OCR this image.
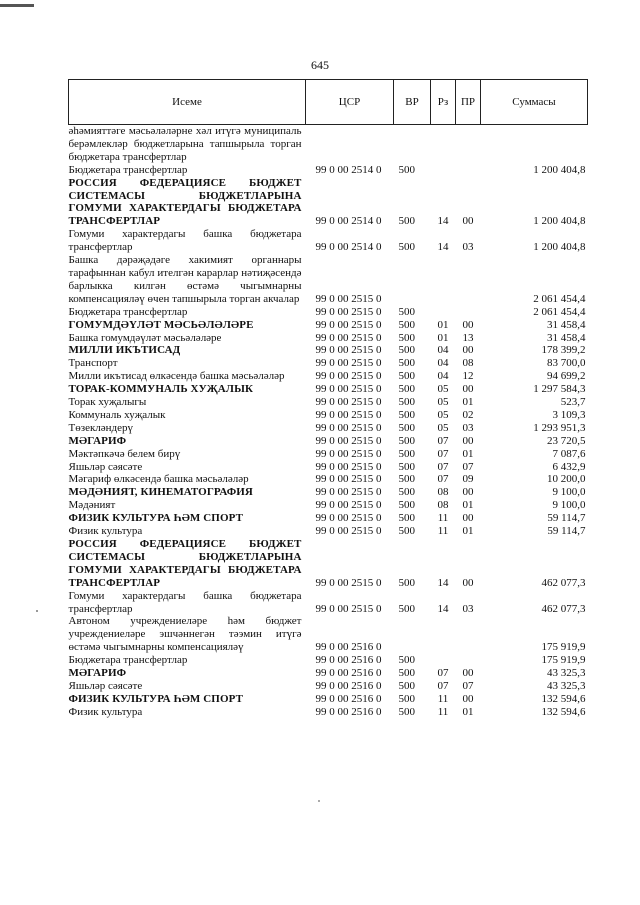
645
Исеме	ЦСР	ВР	Рз	ПР	Суммасы
әһәмияттәге мәсьәләләрне хәл итүгә муниципаль берәмлекләр бюджетларына тапшырыла торган бюджетара трансфертлар					
Бюджетара трансфертлар	99 0 00 2514 0	500			1 200 404,8
РОССИЯ ФЕДЕРАЦИЯСЕ БЮДЖЕТ СИСТЕМАСЫ БЮДЖЕТЛАРЫНА ГОМУМИ ХАРАКТЕРДАГЫ БЮДЖЕТАРА ТРАНСФЕРТЛАР	99 0 00 2514 0	500	14	00	1 200 404,8
Гомуми характердагы башка бюджетара трансфертлар	99 0 00 2514 0	500	14	03	1 200 404,8
Башка дәрәҗәдәге хакимият органнары тарафыннан кабул ителгән карарлар нәтиҗәсендә барлыкка килгән өстәмә чыгымнарны компенсацияләү өчен тапшырыла торган акчалар	99 0 00 2515 0				2 061 454,4
Бюджетара трансфертлар	99 0 00 2515 0	500			2 061 454,4
ГОМУМДӘҮЛӘТ МӘСЬӘЛӘЛӘРЕ	99 0 00 2515 0	500	01	00	31 458,4
Башка гомумдәүләт мәсьәләләре	99 0 00 2515 0	500	01	13	31 458,4
МИЛЛИ ИКЪТИСАД	99 0 00 2515 0	500	04	00	178 399,2
Транспорт	99 0 00 2515 0	500	04	08	83 700,0
Милли икътисад өлкәсендә башка мәсьәләләр	99 0 00 2515 0	500	04	12	94 699,2
ТОРАК-КОММУНАЛЬ ХУҖАЛЫК	99 0 00 2515 0	500	05	00	1 297 584,3
Торак хуҗалыгы	99 0 00 2515 0	500	05	01	523,7
Коммуналь хуҗалык	99 0 00 2515 0	500	05	02	3 109,3
Төзекләндерү	99 0 00 2515 0	500	05	03	1 293 951,3
МӘГАРИФ	99 0 00 2515 0	500	07	00	23 720,5
Мәктәпкәчә белем бирү	99 0 00 2515 0	500	07	01	7 087,6
Яшьләр сәясәте	99 0 00 2515 0	500	07	07	6 432,9
Мәгариф өлкәсендә башка мәсьәләләр	99 0 00 2515 0	500	07	09	10 200,0
МӘДӘНИЯТ, КИНЕМАТОГРАФИЯ	99 0 00 2515 0	500	08	00	9 100,0
Мәдәният	99 0 00 2515 0	500	08	01	9 100,0
ФИЗИК КУЛЬТУРА ҺӘМ СПОРТ	99 0 00 2515 0	500	11	00	59 114,7
Физик культура	99 0 00 2515 0	500	11	01	59 114,7
РОССИЯ ФЕДЕРАЦИЯСЕ БЮДЖЕТ СИСТЕМАСЫ БЮДЖЕТЛАРЫНА ГОМУМИ ХАРАКТЕРДАГЫ БЮДЖЕТАРА ТРАНСФЕРТЛАР	99 0 00 2515 0	500	14	00	462 077,3
Гомуми характердагы башка бюджетара трансфертлар	99 0 00 2515 0	500	14	03	462 077,3
Автоном учреждениеләре һәм бюджет учреждениеләре эшчәннегән тәэмин итүгә өстәмә чыгымнарны компенсацияләү	99 0 00 2516 0				175 919,9
Бюджетара трансфертлар	99 0 00 2516 0	500			175 919,9
МӘГАРИФ	99 0 00 2516 0	500	07	00	43 325,3
Яшьләр сәясәте	99 0 00 2516 0	500	07	07	43 325,3
ФИЗИК КУЛЬТУРА ҺӘМ СПОРТ	99 0 00 2516 0	500	11	00	132 594,6
Физик культура	99 0 00 2516 0	500	11	01	132 594,6
